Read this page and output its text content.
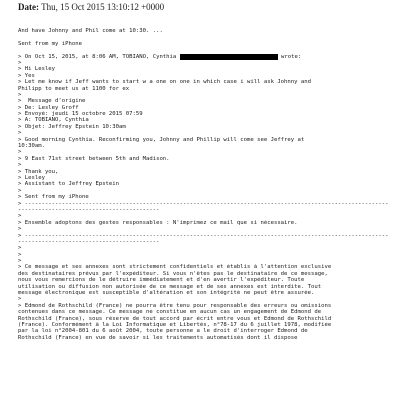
Date: Thu, 15 Oct 2015 13:10:12 +0000
And have Johnny and Phil come at 10:30. ...
Sent from my iPhone
> On Oct 15, 2015, at 8:06 AM, TOBIANO, Cynthia	wrote:
>
> Hi Lesley
> Yes
> Let me know if Jeff wants to start w a one on one in which case i will ask Johnny and
Philipp to meet us at 1100 for ex
>
>  Message d'origine
> De: Lesley Groff
> Envoyé: jeudi 15 octobre 2015 07:59
> À: TOBIANO, Cynthia
> Objet: Jeffrey Epstein 10:30am
>
> Good morning Cynthia. Reconfirming you, Johnny and Phillip will come see Jeffrey at
10:30am.
>
> 9 East 71st street between 5th and Madison.
>
> Thank you,
> Lesley
> Assistant to Jeffrey Epstein
>
> Sent from my iPhone
> ------------------------------------------------------------------------------------------------------------
------------------------------------------
>
> Ensemble adoptons des gestes responsables : N'imprimez ce mail que si nécessaire.
>
> ------------------------------------------------------------------------------------------------------------
------------------------------------------
>
>
>
> Ce message et ses annexes sont strictement confidentiels et établis à l'attention exclusive
des destinataires prévus par l'expéditeur. Si vous n'êtes pas le destinataire de ce message,
nous vous remercions de le détruire immédiatement et d'en avertir l'expéditeur. Toute
utilisation ou diffusion non autorisée de ce message et de ses annexes est interdite. Tout
message électronique est susceptible d'altération et son intégrité ne peut être assurée.
>
> Edmond de Rothschild (France) ne pourra être tenu pour responsable des erreurs ou omissions
contenues dans ce message. Ce message ne constitue en aucun cas un engagement de Edmond de
Rothschild (France), sous réserve de tout accord par écrit entre vous et Edmond de Rothschild
(France). Conformément à la Loi Informatique et Libertés, n°78-17 du 6 juillet 1978, modifiée
par la loi n°2004-801 du 6 août 2004, toute personne a le droit d'interroger Edmond de
Rothschild (France) en vue de savoir si les traitements automatisés dont il dispose
